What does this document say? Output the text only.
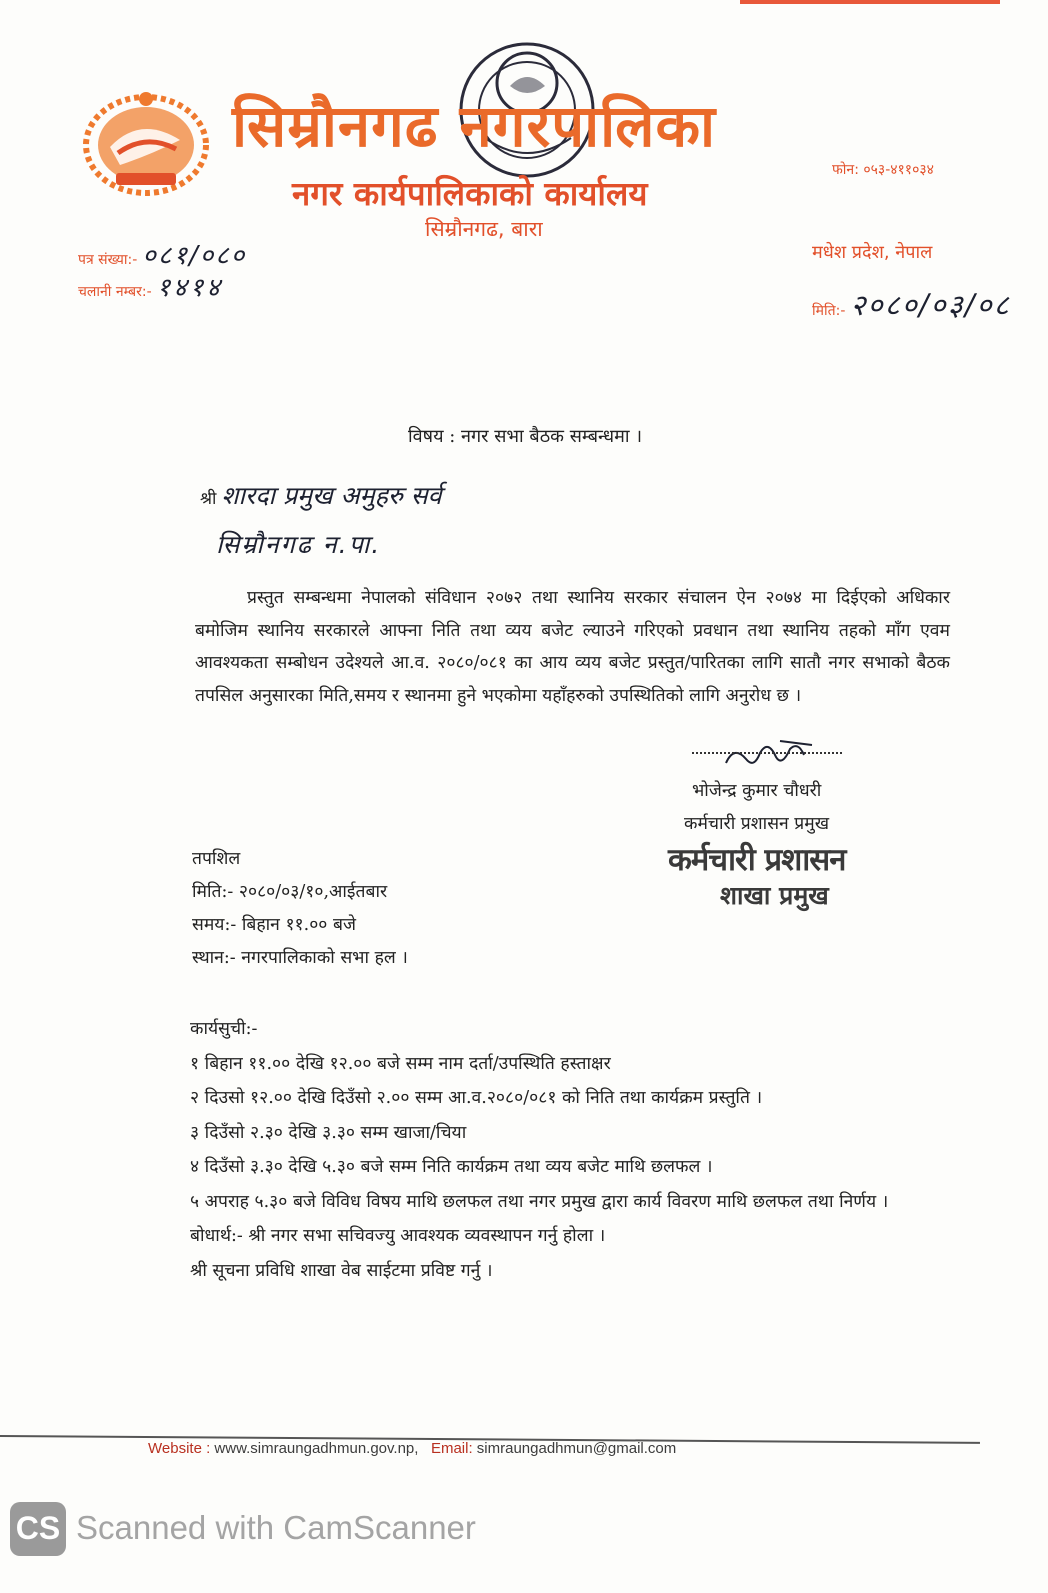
सिम्रौनगढ नगरपालिका
नगर कार्यपालिकाको कार्यालय
सिम्रौनगढ, बारा
फोन: ०५३-४११०३४
मधेश प्रदेश, नेपाल
पत्र संख्या:- ०८१/०८०
चलानी नम्बर:- १४१४
मिति:- २०८०/०३/०८
विषय : नगर सभा बैठक सम्बन्धमा ।
श्री शारदा प्रमुख अमुहरु सर्व
सिम्रौनगढ न.पा.

प्रस्तुत सम्बन्धमा नेपालको संविधान २०७२ तथा स्थानिय सरकार संचालन ऐन २०७४ मा दिईएको अधिकार बमोजिम स्थानिय सरकारले आफ्ना निति तथा व्यय बजेट ल्याउने गरिएको प्रवधान तथा स्थानिय तहको माँग एवम आवश्यकता सम्बोधन उदेश्यले आ.व. २०८०/०८१ का आय व्यय बजेट प्रस्तुत/पारितका लागि सातौ नगर सभाको बैठक तपसिल अनुसारका मिति,समय र स्थानमा हुने भएकोमा यहाँहरुको उपस्थितिको लागि अनुरोध छ ।

भोजेन्द्र कुमार चौधरी
कर्मचारी प्रशासन प्रमुख
कर्मचारी प्रशासन
शाखा प्रमुख
तपशिल
मिति:- २०८०/०३/१०,आईतबार
समय:- बिहान ११.०० बजे
स्थान:- नगरपालिकाको सभा हल ।
कार्यसुची:-
१ बिहान ११.०० देखि १२.०० बजे सम्म नाम दर्ता/उपस्थिति हस्ताक्षर
२ दिउसो १२.०० देखि दिउँसो २.०० सम्म आ.व.२०८०/०८१ को निति तथा कार्यक्रम प्रस्तुति ।
३ दिउँसो २.३० देखि ३.३० सम्म खाजा/चिया
४ दिउँसो ३.३० देखि ५.३० बजे सम्म निति कार्यक्रम तथा व्यय बजेट माथि छलफल ।
५ अपराह ५.३० बजे विविध विषय माथि छलफल तथा नगर प्रमुख द्वारा कार्य विवरण माथि छलफल तथा निर्णय ।
बोधार्थ:- श्री नगर सभा सचिवज्यु आवश्यक व्यवस्थापन गर्नु होला ।
श्री सूचना प्रविधि शाखा वेब साईटमा प्रविष्ट गर्नु ।
Website : www.simraungadhmun.gov.np, Email: simraungadhmun@gmail.com
CS Scanned with CamScanner
